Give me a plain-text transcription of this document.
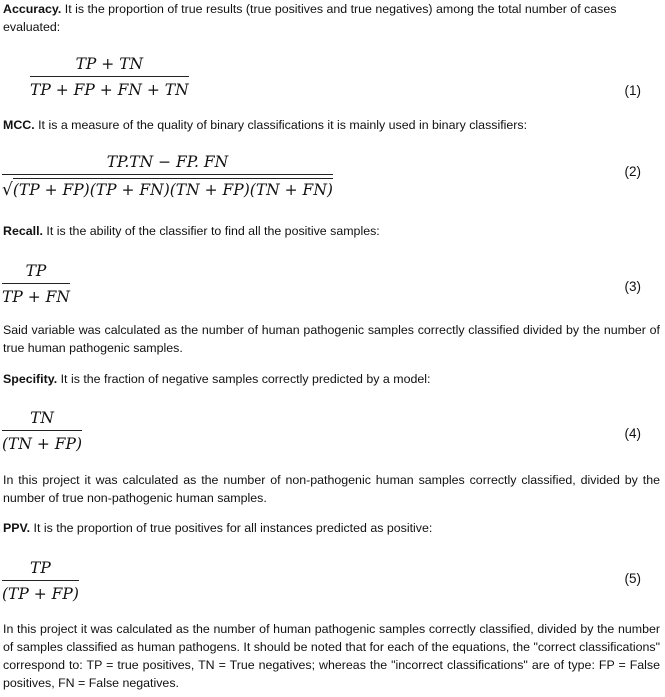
Accuracy. It is the proportion of true results (true positives and true negatives) among the total number of cases evaluated:

TP + TN
TP + FP + FN + TN	(1)

MCC. It is a measure of the quality of binary classifications it is mainly used in binary classifiers:

TP.TN − FP. FN
√(TP + FP)(TP + FN)(TN + FP)(TN + FN)
(2)

Recall. It is the ability of the classifier to find all the positive samples:

TP
TP + FN
(3)

Said variable was calculated as the number of human pathogenic samples correctly classified divided by the number of true human pathogenic samples.

Specifity. It is the fraction of negative samples correctly predicted by a model:

TN
(TN + FP)
(4)

In this project it was calculated as the number of non-pathogenic human samples correctly classified, divided by the number of true non-pathogenic human samples.

PPV. It is the proportion of true positives for all instances predicted as positive:

TP
(TP + FP)
(5)

In this project it was calculated as the number of human pathogenic samples correctly classified, divided by the number of samples classified as human pathogens. It should be noted that for each of the equations, the "correct classifications" correspond to: TP = true positives, TN = True negatives; whereas the "incorrect classifications" are of type: FP = False positives, FN = False negatives.
